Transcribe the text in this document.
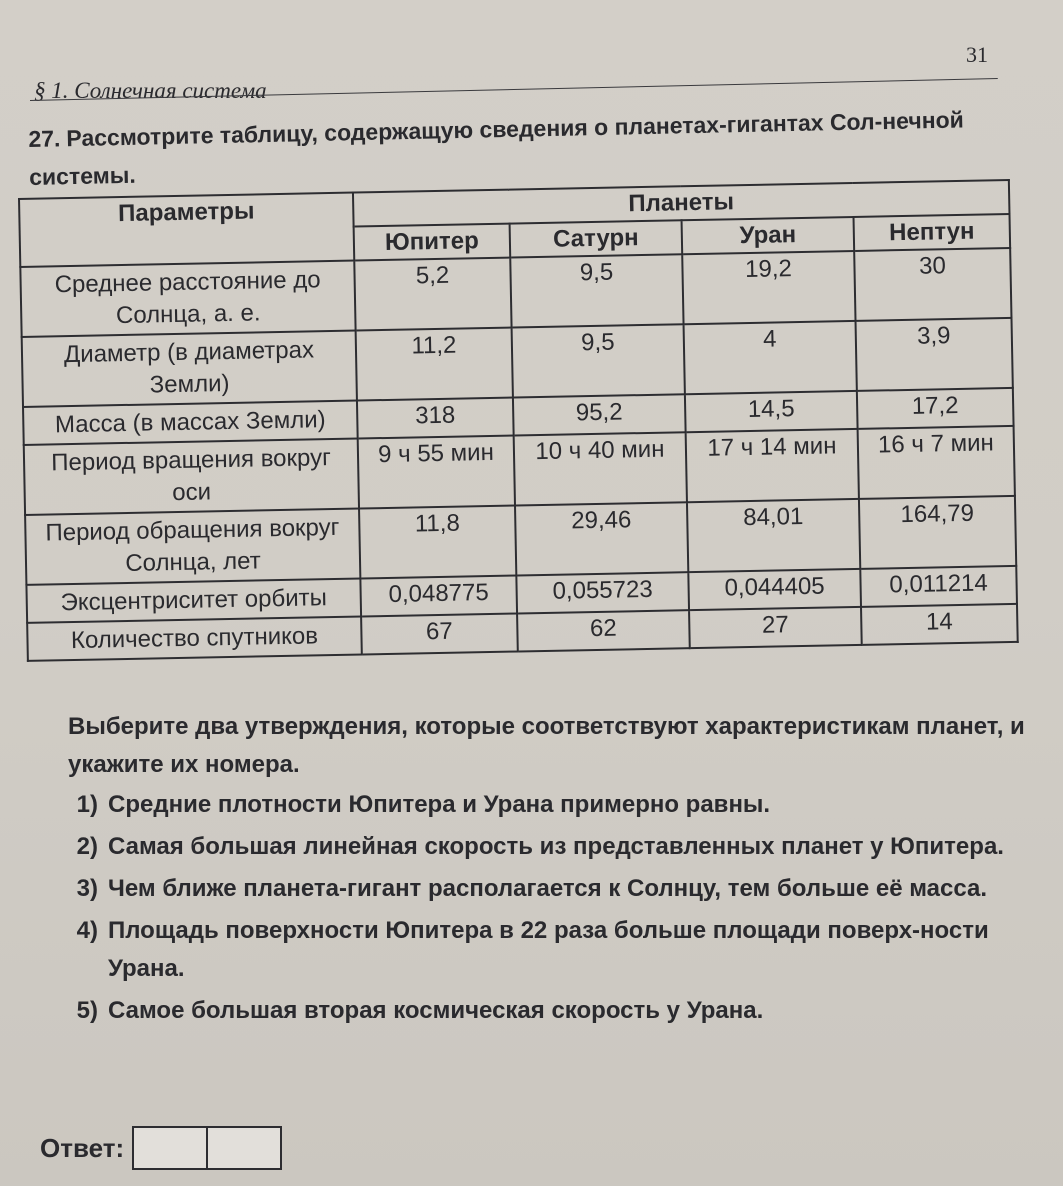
31
§ 1. Солнечная система
27. Рассмотрите таблицу, содержащую сведения о планетах-гигантах Сол-нечной системы.
Параметры	Планеты			
	Юпитер	Сатурн	Уран	Нептун
Среднее расстояние до Солнца, а. е.	5,2	9,5	19,2	30
Диаметр (в диаметрах Земли)	11,2	9,5	4	3,9
Масса (в массах Земли)	318	95,2	14,5	17,2
Период вращения вокруг оси	9 ч 55 мин	10 ч 40 мин	17 ч 14 мин	16 ч 7 мин
Период обращения вокруг Солнца, лет	11,8	29,46	84,01	164,79
Эксцентриситет орбиты	0,048775	0,055723	0,044405	0,011214
Количество спутников	67	62	27	14
Выберите два утверждения, которые соответствуют характеристикам планет, и укажите их номера.
1) Средние плотности Юпитера и Урана примерно равны.
2) Самая большая линейная скорость из представленных планет у Юпитера.
3) Чем ближе планета-гигант располагается к Солнцу, тем больше её масса.
4) Площадь поверхности Юпитера в 22 раза больше площади поверх-ности Урана.
5) Самое большая вторая космическая скорость у Урана.
Ответ:
